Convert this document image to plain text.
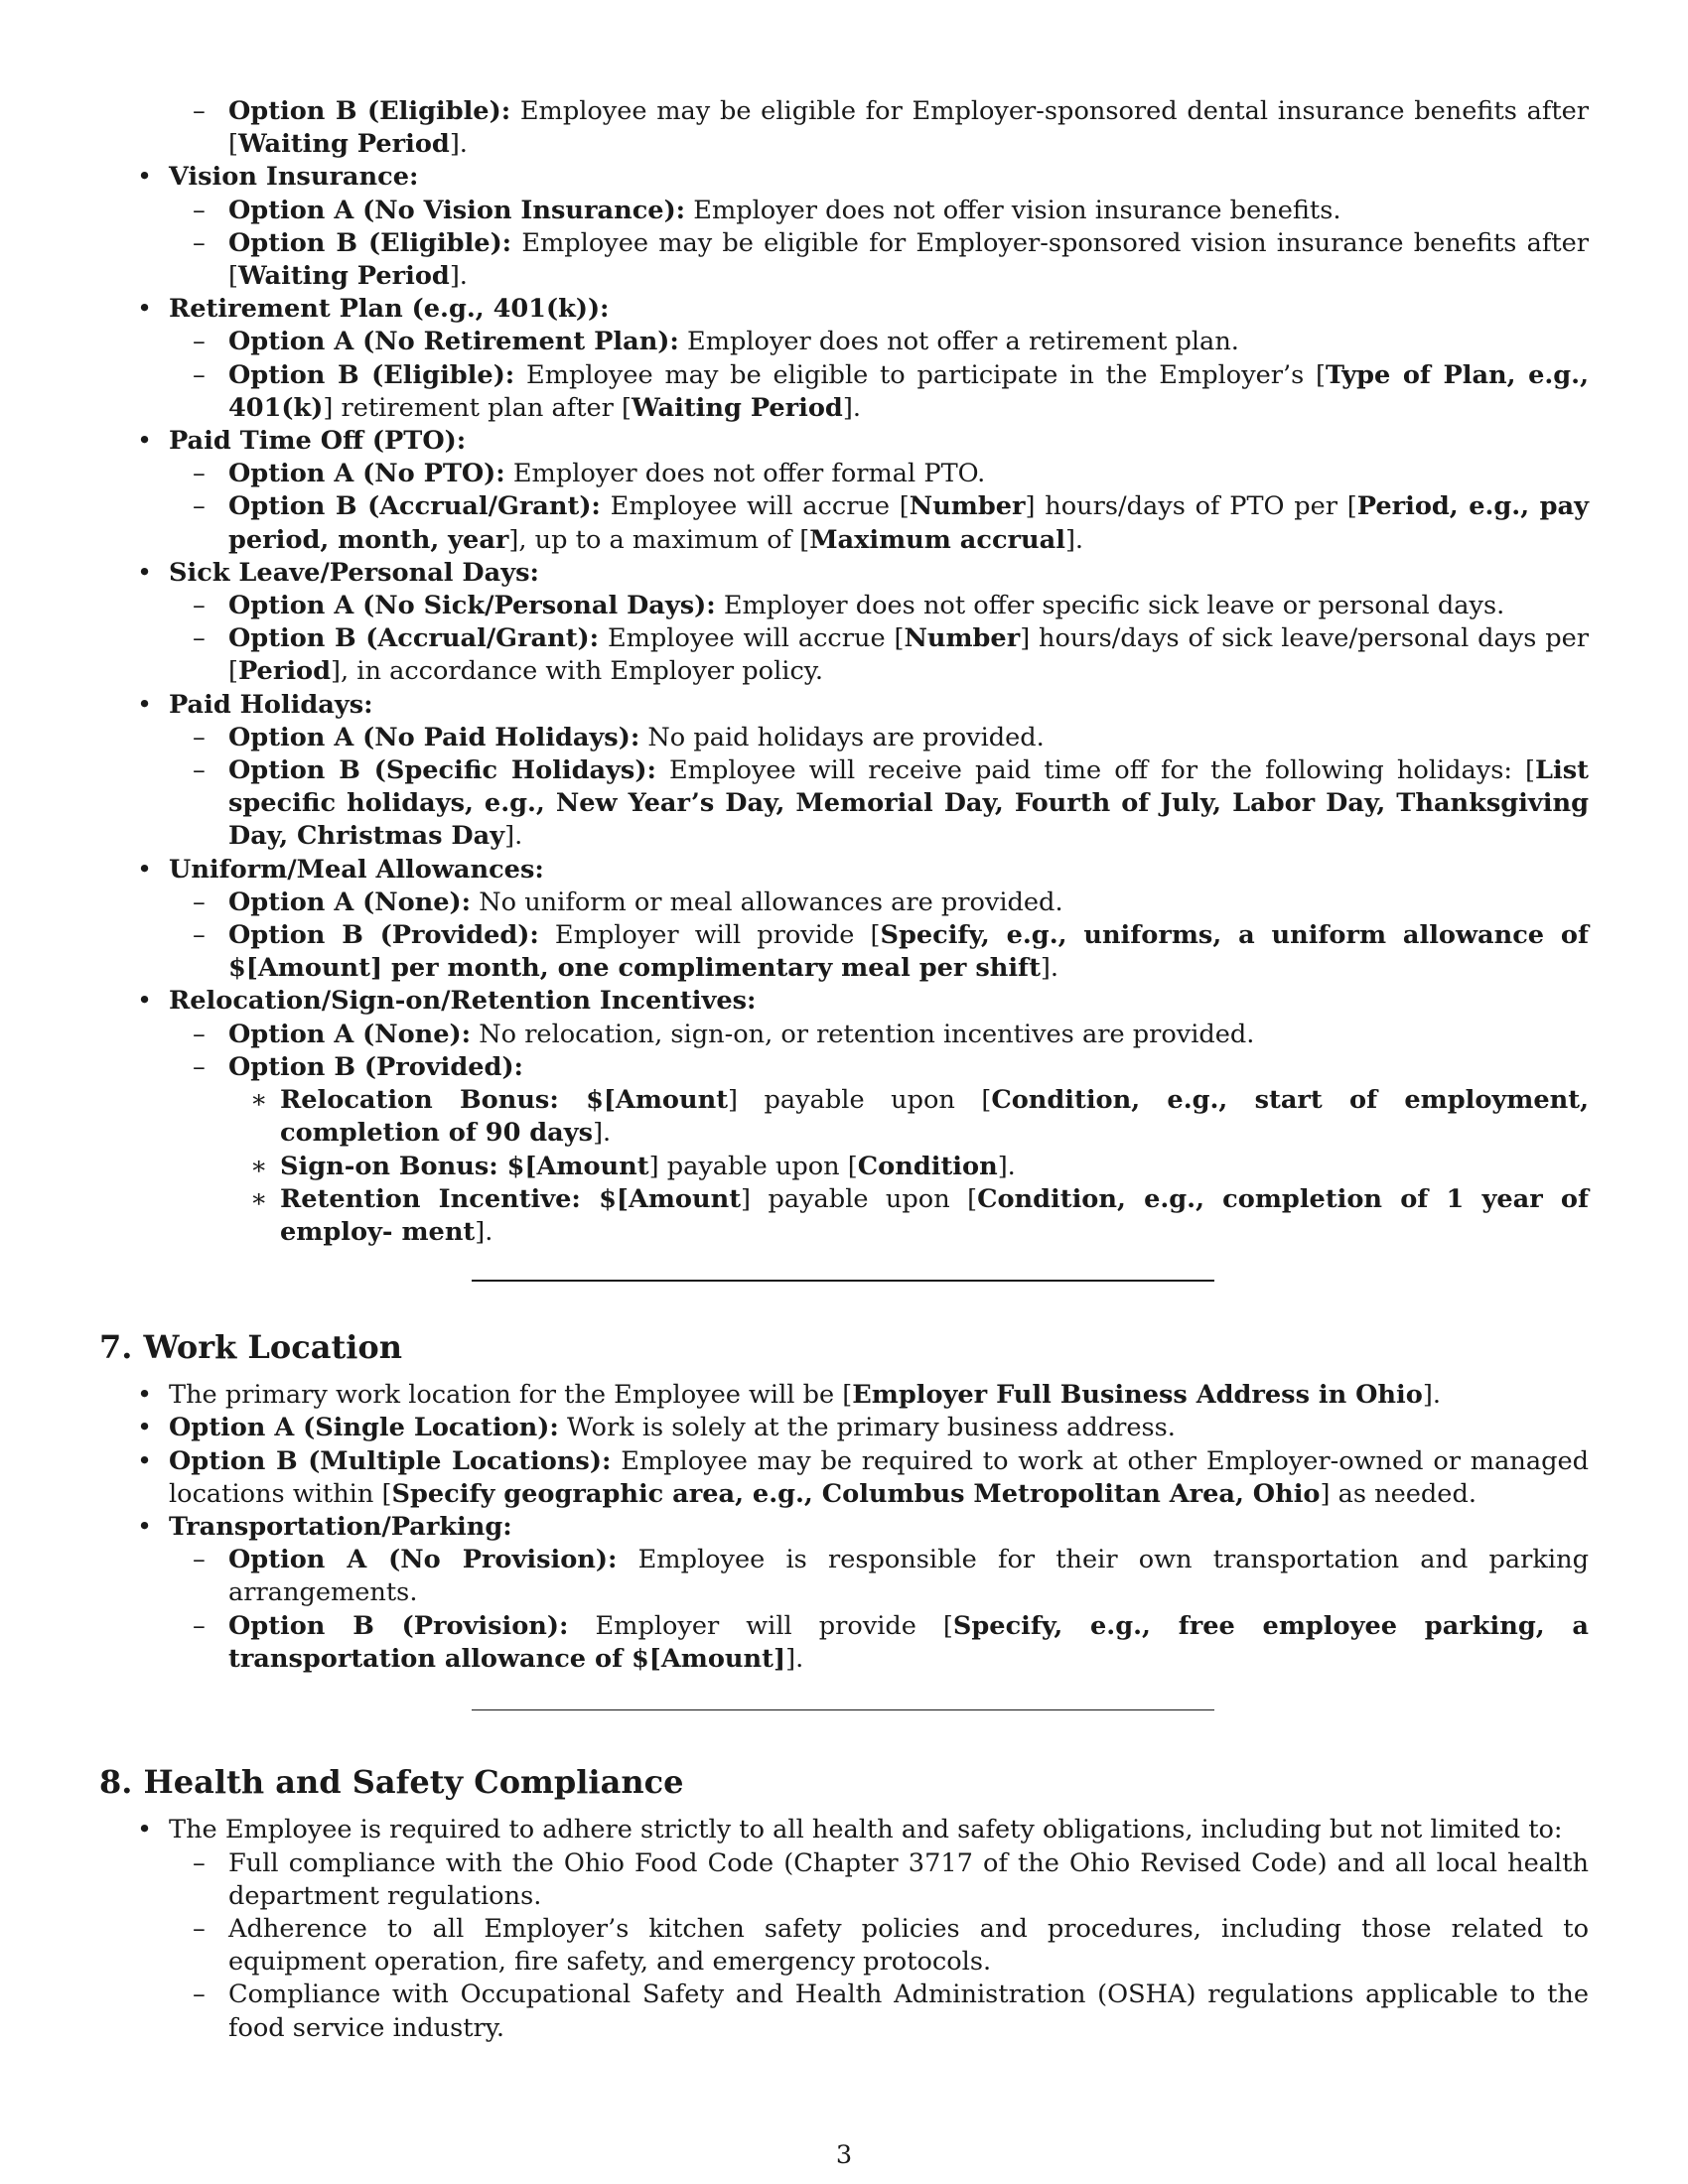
– Option B (Eligible): Employee may be eligible for Employer-sponsored dental insurance benefits after [Waiting Period].
• Vision Insurance:
– Option A (No Vision Insurance): Employer does not offer vision insurance benefits.
– Option B (Eligible): Employee may be eligible for Employer-sponsored vision insurance benefits after [Waiting Period].
• Retirement Plan (e.g., 401(k)):
– Option A (No Retirement Plan): Employer does not offer a retirement plan.
– Option B (Eligible): Employee may be eligible to participate in the Employer’s [Type of Plan, e.g., 401(k)] retirement plan after [Waiting Period].
• Paid Time Off (PTO):
– Option A (No PTO): Employer does not offer formal PTO.
– Option B (Accrual/Grant): Employee will accrue [Number] hours/days of PTO per [Period, e.g., pay period, month, year], up to a maximum of [Maximum accrual].
• Sick Leave/Personal Days:
– Option A (No Sick/Personal Days): Employer does not offer specific sick leave or personal days.
– Option B (Accrual/Grant): Employee will accrue [Number] hours/days of sick leave/personal days per [Period], in accordance with Employer policy.
• Paid Holidays:
– Option A (No Paid Holidays): No paid holidays are provided.
– Option B (Specific Holidays): Employee will receive paid time off for the following holidays: [List specific holidays, e.g., New Year’s Day, Memorial Day, Fourth of July, Labor Day, Thanksgiving Day, Christmas Day].
• Uniform/Meal Allowances:
– Option A (None): No uniform or meal allowances are provided.
– Option B (Provided): Employer will provide [Specify, e.g., uniforms, a uniform allowance of $[Amount] per month, one complimentary meal per shift].
• Relocation/Sign-on/Retention Incentives:
– Option A (None): No relocation, sign-on, or retention incentives are provided.
– Option B (Provided):
∗ Relocation Bonus: $[Amount] payable upon [Condition, e.g., start of employment, completion of 90 days].
∗ Sign-on Bonus: $[Amount] payable upon [Condition].
∗ Retention Incentive: $[Amount] payable upon [Condition, e.g., completion of 1 year of employ- ment].
7. Work Location
• The primary work location for the Employee will be [Employer Full Business Address in Ohio].
• Option A (Single Location): Work is solely at the primary business address.
• Option B (Multiple Locations): Employee may be required to work at other Employer-owned or managed locations within [Specify geographic area, e.g., Columbus Metropolitan Area, Ohio] as needed.
• Transportation/Parking:
– Option A (No Provision): Employee is responsible for their own transportation and parking arrangements.
– Option B (Provision): Employer will provide [Specify, e.g., free employee parking, a transportation allowance of $[Amount]].
8. Health and Safety Compliance
• The Employee is required to adhere strictly to all health and safety obligations, including but not limited to:
– Full compliance with the Ohio Food Code (Chapter 3717 of the Ohio Revised Code) and all local health department regulations.
– Adherence to all Employer’s kitchen safety policies and procedures, including those related to equipment operation, fire safety, and emergency protocols.
– Compliance with Occupational Safety and Health Administration (OSHA) regulations applicable to the food service industry.
3
